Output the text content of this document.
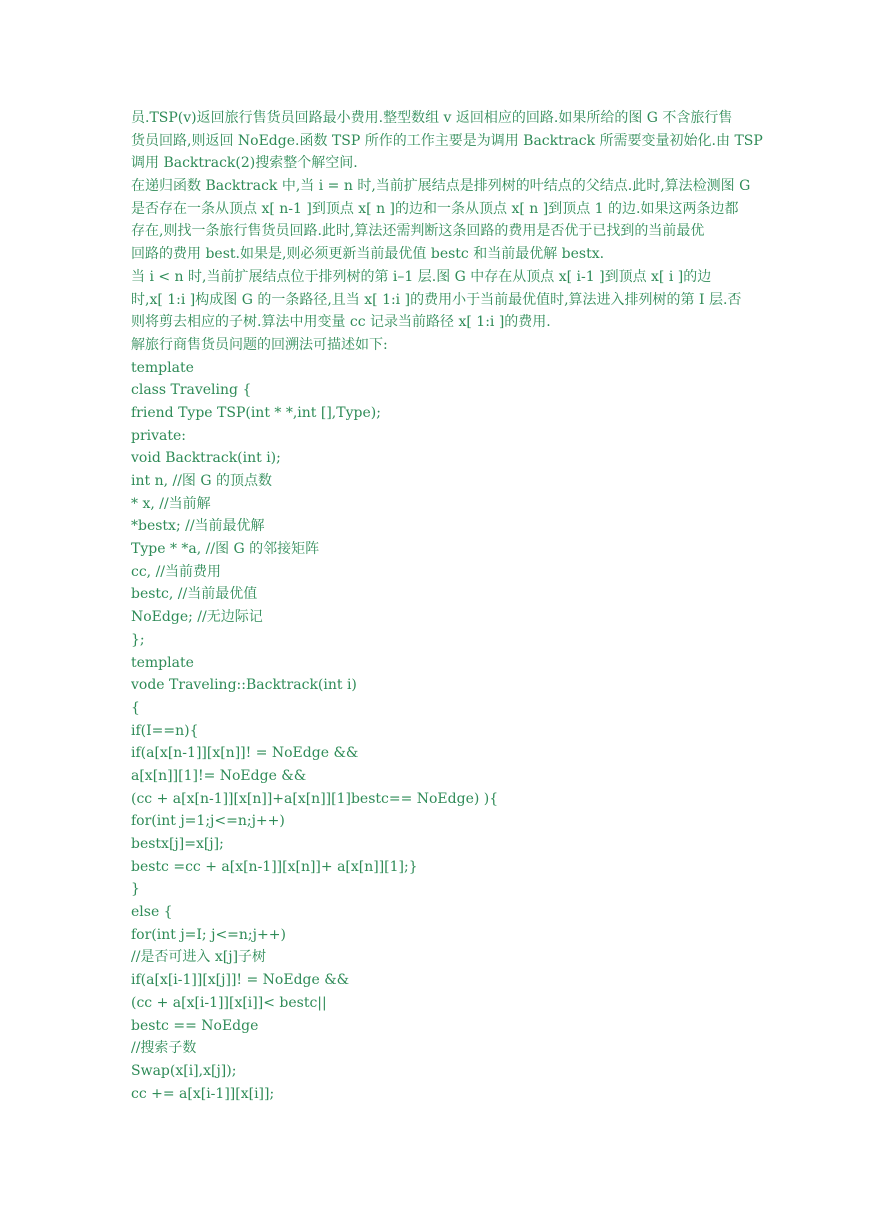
员.TSP(v)返回旅行售货员回路最小费用.整型数组 v 返回相应的回路.如果所给的图 G 不含旅行售
货员回路,则返回 NoEdge.函数 TSP 所作的工作主要是为调用 Backtrack 所需要变量初始化.由 TSP
调用 Backtrack(2)搜索整个解空间.
在递归函数 Backtrack 中,当 i = n 时,当前扩展结点是排列树的叶结点的父结点.此时,算法检测图 G
是否存在一条从顶点 x[ n-1 ]到顶点 x[ n ]的边和一条从顶点 x[ n ]到顶点 1 的边.如果这两条边都
存在,则找一条旅行售货员回路.此时,算法还需判断这条回路的费用是否优于已找到的当前最优
回路的费用 best.如果是,则必须更新当前最优值 bestc 和当前最优解 bestx.
当 i < n 时,当前扩展结点位于排列树的第 i–1 层.图 G 中存在从顶点 x[ i-1 ]到顶点 x[ i ]的边
时,x[ 1:i ]构成图 G 的一条路径,且当 x[ 1:i ]的费用小于当前最优值时,算法进入排列树的第 I 层.否
则将剪去相应的子树.算法中用变量 cc 记录当前路径 x[ 1:i ]的费用.
解旅行商售货员问题的回溯法可描述如下:
template
class Traveling {
friend Type TSP(int * *,int [],Type);
private:
void Backtrack(int i);
int n, //图 G 的顶点数
* x, //当前解
*bestx; //当前最优解
Type * *a, //图 G 的邻接矩阵
cc, //当前费用
bestc, //当前最优值
NoEdge; //无边际记
};
template
vode Traveling::Backtrack(int i)
{
if(I==n){
if(a[x[n-1]][x[n]]! = NoEdge &&
a[x[n]][1]!= NoEdge &&
(cc + a[x[n-1]][x[n]]+a[x[n]][1]bestc== NoEdge) ){
for(int j=1;j<=n;j++)
bestx[j]=x[j];
bestc =cc + a[x[n-1]][x[n]]+ a[x[n]][1];}
}
else {
for(int j=I; j<=n;j++)
//是否可进入 x[j]子树
if(a[x[i-1]][x[j]]! = NoEdge &&
(cc + a[x[i-1]][x[i]]< bestc||
bestc == NoEdge
//搜索子数
Swap(x[i],x[j]);
cc += a[x[i-1]][x[i]];
